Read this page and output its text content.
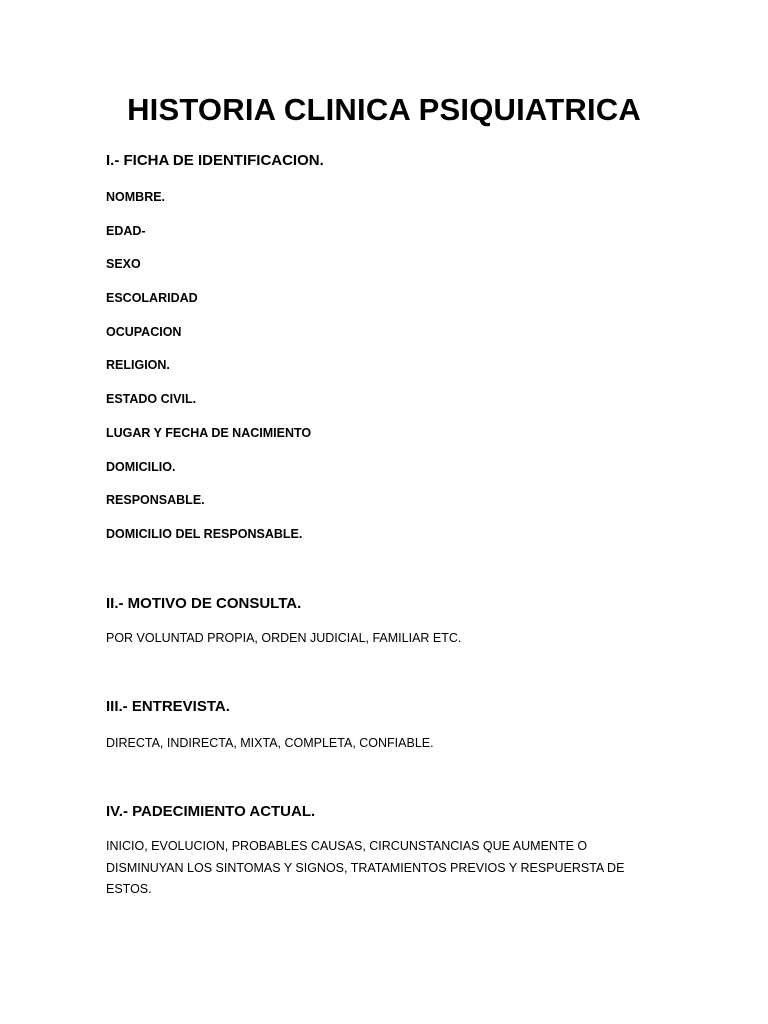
HISTORIA CLINICA PSIQUIATRICA
I.- FICHA DE IDENTIFICACION.
NOMBRE.
EDAD-
SEXO
ESCOLARIDAD
OCUPACION
RELIGION.
ESTADO CIVIL.
LUGAR Y FECHA DE NACIMIENTO
DOMICILIO.
RESPONSABLE.
DOMICILIO DEL RESPONSABLE.
II.- MOTIVO DE CONSULTA.

POR VOLUNTAD PROPIA, ORDEN JUDICIAL, FAMILIAR ETC.

III.- ENTREVISTA.

DIRECTA, INDIRECTA, MIXTA, COMPLETA, CONFIABLE.

IV.- PADECIMIENTO ACTUAL.

INICIO, EVOLUCION, PROBABLES CAUSAS, CIRCUNSTANCIAS QUE AUMENTE O DISMINUYAN LOS SINTOMAS Y SIGNOS, TRATAMIENTOS PREVIOS Y RESPUERSTA DE ESTOS.
